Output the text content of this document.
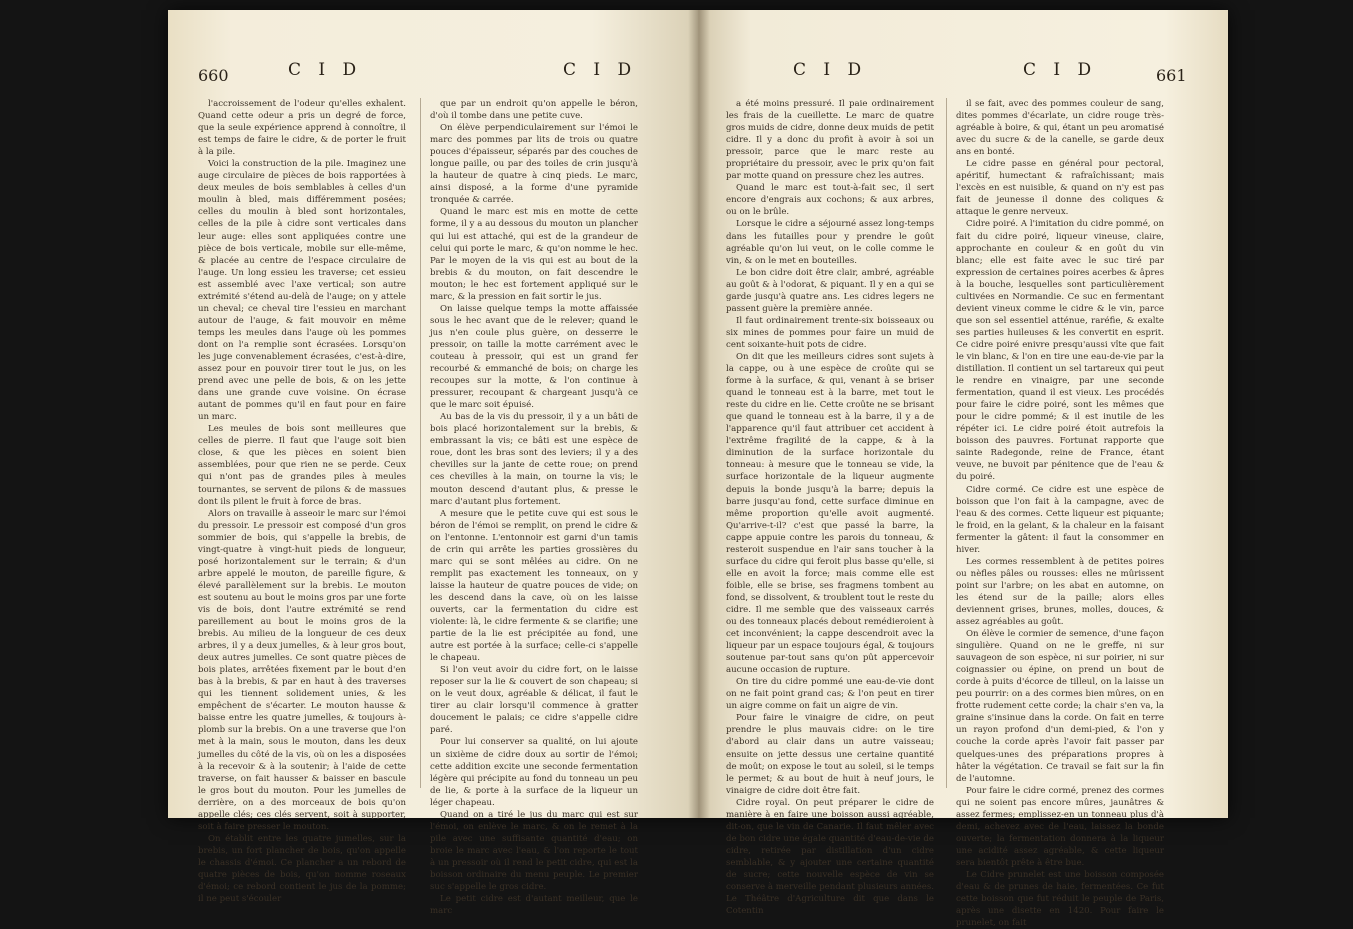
660	C I D	C I D

l'accroissement de l'odeur qu'elles exhalent. Quand cette odeur a pris un degré de force, que la seule expérience apprend à connoître, il est temps de faire le cidre, & de porter le fruit à la pile.

Voici la construction de la pile. Imaginez une auge circulaire de pièces de bois rapportées à deux meules de bois semblables à celles d'un moulin à bled, mais différemment posées; celles du moulin à bled sont horizontales, celles de la pile à cidre sont verticales dans leur auge: elles sont appliquées contre une pièce de bois verticale, mobile sur elle-même, & placée au centre de l'espace circulaire de l'auge. Un long essieu les traverse; cet essieu est assemblé avec l'axe vertical; son autre extrémité s'étend au-delà de l'auge; on y attele un cheval; ce cheval tire l'essieu en marchant autour de l'auge, & fait mouvoir en même temps les meules dans l'auge où les pommes dont on l'a remplie sont écrasées. Lorsqu'on les juge convenablement écrasées, c'est-à-dire, assez pour en pouvoir tirer tout le jus, on les prend avec une pelle de bois, & on les jette dans une grande cuve voisine. On écrase autant de pommes qu'il en faut pour en faire un marc.

Les meules de bois sont meilleures que celles de pierre. Il faut que l'auge soit bien close, & que les pièces en soient bien assemblées, pour que rien ne se perde. Ceux qui n'ont pas de grandes piles à meules tournantes, se servent de pilons & de massues dont ils pilent le fruit à force de bras.

Alors on travaille à asseoir le marc sur l'émoi du pressoir. Le pressoir est composé d'un gros sommier de bois, qui s'appelle la brebis, de vingt-quatre à vingt-huit pieds de longueur, posé horizontalement sur le terrain; & d'un arbre appelé le mouton, de pareille figure, & élevé parallèlement sur la brebis. Le mouton est soutenu au bout le moins gros par une forte vis de bois, dont l'autre extrémité se rend pareillement au bout le moins gros de la brebis. Au milieu de la longueur de ces deux arbres, il y a deux jumelles, & à leur gros bout, deux autres jumelles. Ce sont quatre pièces de bois plates, arrêtées fixement par le bout d'en bas à la brebis, & par en haut à des traverses qui les tiennent solidement unies, & les empêchent de s'écarter. Le mouton hausse & baisse entre les quatre jumelles, & toujours à-plomb sur la brebis. On a une traverse que l'on met à la main, sous le mouton, dans les deux jumelles du côté de la vis, où on les a disposées à la recevoir & à la soutenir; à l'aide de cette traverse, on fait hausser & baisser en bascule le gros bout du mouton. Pour les jumelles de derrière, on a des morceaux de bois qu'on appelle clés; ces clés servent, soit à supporter, soit à faire presser le mouton.

On établit entre les quatre jumelles, sur la brebis, un fort plancher de bois, qu'on appelle le chassis d'émoi. Ce plancher a un rebord de quatre pièces de bois, qu'on nomme roseaux d'émoi; ce rebord contient le jus de la pomme; il ne peut s'écouler

que par un endroit qu'on appelle le béron, d'où il tombe dans une petite cuve.

On élève perpendiculairement sur l'émoi le marc des pommes par lits de trois ou quatre pouces d'épaisseur, séparés par des couches de longue paille, ou par des toiles de crin jusqu'à la hauteur de quatre à cinq pieds. Le marc, ainsi disposé, a la forme d'une pyramide tronquée & carrée.

Quand le marc est mis en motte de cette forme, il y a au dessous du mouton un plancher qui lui est attaché, qui est de la grandeur de celui qui porte le marc, & qu'on nomme le hec. Par le moyen de la vis qui est au bout de la brebis & du mouton, on fait descendre le mouton; le hec est fortement appliqué sur le marc, & la pression en fait sortir le jus.

On laisse quelque temps la motte affaissée sous le hec avant que de le relever; quand le jus n'en coule plus guère, on desserre le pressoir, on taille la motte carrément avec le couteau à pressoir, qui est un grand fer recourbé & emmanché de bois; on charge les recoupes sur la motte, & l'on continue à pressurer, recoupant & chargeant jusqu'à ce que le marc soit épuisé.

Au bas de la vis du pressoir, il y a un bâti de bois placé horizontalement sur la brebis, & embrassant la vis; ce bâti est une espèce de roue, dont les bras sont des leviers; il y a des chevilles sur la jante de cette roue; on prend ces chevilles à la main, on tourne la vis; le mouton descend d'autant plus, & presse le marc d'autant plus fortement.

A mesure que le petite cuve qui est sous le béron de l'émoi se remplit, on prend le cidre & on l'entonne. L'entonnoir est garni d'un tamis de crin qui arrête les parties grossières du marc qui se sont mêlées au cidre. On ne remplit pas exactement les tonneaux, on y laisse la hauteur de quatre pouces de vide; on les descend dans la cave, où on les laisse ouverts, car la fermentation du cidre est violente: là, le cidre fermente & se clarifie; une partie de la lie est précipitée au fond, une autre est portée à la surface; celle-ci s'appelle le chapeau.

Si l'on veut avoir du cidre fort, on le laisse reposer sur la lie & couvert de son chapeau; si on le veut doux, agréable & délicat, il faut le tirer au clair lorsqu'il commence à gratter doucement le palais; ce cidre s'appelle cidre paré.

Pour lui conserver sa qualité, on lui ajoute un sixième de cidre doux au sortir de l'émoi; cette addition excite une seconde fermentation légère qui précipite au fond du tonneau un peu de lie, & porte à la surface de la liqueur un léger chapeau.

Quand on a tiré le jus du marc qui est sur l'émoi, on enlève le marc, & on le remet à la pile avec une suffisante quantité d'eau; on broie le marc avec l'eau, & l'on reporte le tout à un pressoir où il rend le petit cidre, qui est la boisson ordinaire du menu peuple. Le premier suc s'appelle le gros cidre.

Le petit cidre est d'autant meilleur, que le marc

C I D	C I D	661

a été moins pressuré. Il paie ordinairement les frais de la cueillette. Le marc de quatre gros muids de cidre, donne deux muids de petit cidre. Il y a donc du profit à avoir à soi un pressoir, parce que le marc reste au propriétaire du pressoir, avec le prix qu'on fait par motte quand on pressure chez les autres.

Quand le marc est tout-à-fait sec, il sert encore d'engrais aux cochons; & aux arbres, ou on le brûle.

Lorsque le cidre a séjourné assez long-temps dans les futailles pour y prendre le goût agréable qu'on lui veut, on le colle comme le vin, & on le met en bouteilles.

Le bon cidre doit être clair, ambré, agréable au goût & à l'odorat, & piquant. Il y en a qui se garde jusqu'à quatre ans. Les cidres legers ne passent guère la première année.

Il faut ordinairement trente-six boisseaux ou six mines de pommes pour faire un muid de cent soixante-huit pots de cidre.

On dit que les meilleurs cidres sont sujets à la cappe, ou à une espèce de croûte qui se forme à la surface, & qui, venant à se briser quand le tonneau est à la barre, met tout le reste du cidre en lie. Cette croûte ne se brisant que quand le tonneau est à la barre, il y a de l'apparence qu'il faut attribuer cet accident à l'extrême fragilité de la cappe, & à la diminution de la surface horizontale du tonneau: à mesure que le tonneau se vide, la surface horizontale de la liqueur augmente depuis la bonde jusqu'à la barre; depuis la barre jusqu'au fond, cette surface diminue en même proportion qu'elle avoit augmenté. Qu'arrive-t-il? c'est que passé la barre, la cappe appuie contre les parois du tonneau, & resteroit suspendue en l'air sans toucher à la surface du cidre qui feroit plus basse qu'elle, si elle en avoit la force; mais comme elle est foible, elle se brise, ses fragmens tombent au fond, se dissolvent, & troublent tout le reste du cidre. Il me semble que des vaisseaux carrés ou des tonneaux placés debout remédieroient à cet inconvénient; la cappe descendroit avec la liqueur par un espace toujours égal, & toujours soutenue par-tout sans qu'on pût appercevoir aucune occasion de rupture.

On tire du cidre pommé une eau-de-vie dont on ne fait point grand cas; & l'on peut en tirer un aigre comme on fait un aigre de vin.

Pour faire le vinaigre de cidre, on peut prendre le plus mauvais cidre: on le tire d'abord au clair dans un autre vaisseau; ensuite on jette dessus une certaine quantité de moût; on expose le tout au soleil, si le temps le permet; & au bout de huit à neuf jours, le vinaigre de cidre doit être fait.

Cidre royal. On peut préparer le cidre de manière à en faire une boisson aussi agréable, dit-on, que le vin de Canarie. Il faut mêler avec de bon cidre une égale quantité d'eau-de-vie de cidre, retirée par distillation d'un cidre semblable, & y ajouter une certaine quantité de sucre; cette nouvelle espèce de vin se conserve à merveille pendant plusieurs années. Le Théâtre d'Agriculture dit que dans le Cotentin

il se fait, avec des pommes couleur de sang, dites pommes d'écarlate, un cidre rouge très-agréable à boire, & qui, étant un peu aromatisé avec du sucre & de la canelle, se garde deux ans en bonté.

Le cidre passe en général pour pectoral, apéritif, humectant & rafraîchissant; mais l'excès en est nuisible, & quand on n'y est pas fait de jeunesse il donne des coliques & attaque le genre nerveux.

Cidre poiré. A l'imitation du cidre pommé, on fait du cidre poiré, liqueur vineuse, claire, approchante en couleur & en goût du vin blanc; elle est faite avec le suc tiré par expression de certaines poires acerbes & âpres à la bouche, lesquelles sont particulièrement cultivées en Normandie. Ce suc en fermentant devient vineux comme le cidre & le vin, parce que son sel essentiel atténue, raréfie, & exalte ses parties huileuses & les convertit en esprit. Ce cidre poiré enivre presqu'aussi vîte que fait le vin blanc, & l'on en tire une eau-de-vie par la distillation. Il contient un sel tartareux qui peut le rendre en vinaigre, par une seconde fermentation, quand il est vieux. Les procédés pour faire le cidre poiré, sont les mêmes que pour le cidre pommé; & il est inutile de les répéter ici. Le cidre poiré étoit autrefois la boisson des pauvres. Fortunat rapporte que sainte Radegonde, reine de France, étant veuve, ne buvoit par pénitence que de l'eau & du poiré.

Cidre cormé. Ce cidre est une espèce de boisson que l'on fait à la campagne, avec de l'eau & des cormes. Cette liqueur est piquante; le froid, en la gelant, & la chaleur en la faisant fermenter la gâtent: il faut la consommer en hiver.

Les cormes ressemblent à de petites poires ou nèfles pâles ou rousses: elles ne mûrissent point sur l'arbre; on les abat en automne, on les étend sur de la paille; alors elles deviennent grises, brunes, molles, douces, & assez agréables au goût.

On élève le cormier de semence, d'une façon singulière. Quand on ne le greffe, ni sur sauvageon de son espèce, ni sur poirier, ni sur coignassier ou épine, on prend un bout de corde à puits d'écorce de tilleul, on la laisse un peu pourrir: on a des cormes bien mûres, on en frotte rudement cette corde; la chair s'en va, la graine s'insinue dans la corde. On fait en terre un rayon profond d'un demi-pied, & l'on y couche la corde après l'avoir fait passer par quelques-unes des préparations propres à hâter la végétation. Ce travail se fait sur la fin de l'automne.

Pour faire le cidre cormé, prenez des cormes qui ne soient pas encore mûres, jaunâtres & assez fermes; emplissez-en un tonneau plus d'à demi, achevez avec de l'eau, laissez la bonde ouverte; la fermentation donnera à la liqueur une acidité assez agréable, & cette liqueur sera bientôt prête à être bue.

Le Cidre prunelet est une boisson composée d'eau & de prunes de haie, fermentées. Ce fut cette boisson que fut réduit le peuple de Paris, après une disette en 1420. Pour faire le prunelet, on fait
